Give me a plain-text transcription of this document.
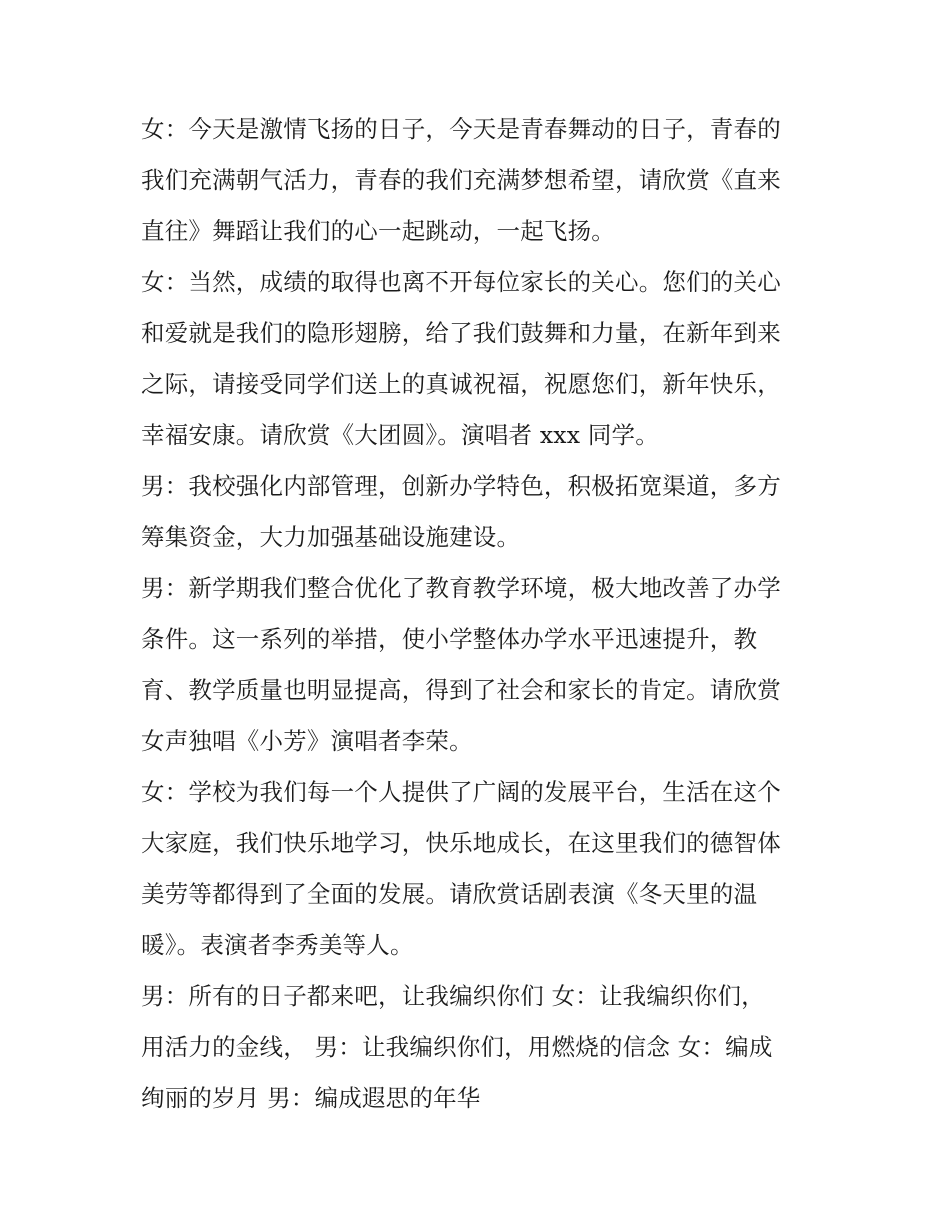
女：今天是激情飞扬的日子，今天是青春舞动的日子，青春的
我们充满朝气活力，青春的我们充满梦想希望，请欣赏《直来
直往》舞蹈让我们的心一起跳动，一起飞扬。
女：当然，成绩的取得也离不开每位家长的关心。您们的关心
和爱就是我们的隐形翅膀，给了我们鼓舞和力量，在新年到来
之际，请接受同学们送上的真诚祝福，祝愿您们，新年快乐，
幸福安康。请欣赏《大团圆》。演唱者 xxx 同学。
男：我校强化内部管理，创新办学特色，积极拓宽渠道，多方
筹集资金，大力加强基础设施建设。
男：新学期我们整合优化了教育教学环境，极大地改善了办学
条件。这一系列的举措，使小学整体办学水平迅速提升，教
育、教学质量也明显提高，得到了社会和家长的肯定。请欣赏
女声独唱《小芳》演唱者李荣。
女：学校为我们每一个人提供了广阔的发展平台，生活在这个
大家庭，我们快乐地学习，快乐地成长，在这里我们的德智体
美劳等都得到了全面的发展。请欣赏话剧表演《冬天里的温
暖》。表演者李秀美等人。
男：所有的日子都来吧，让我编织你们 女：让我编织你们，
用活力的金线， 男：让我编织你们，用燃烧的信念 女：编成
绚丽的岁月 男：编成遐思的年华
